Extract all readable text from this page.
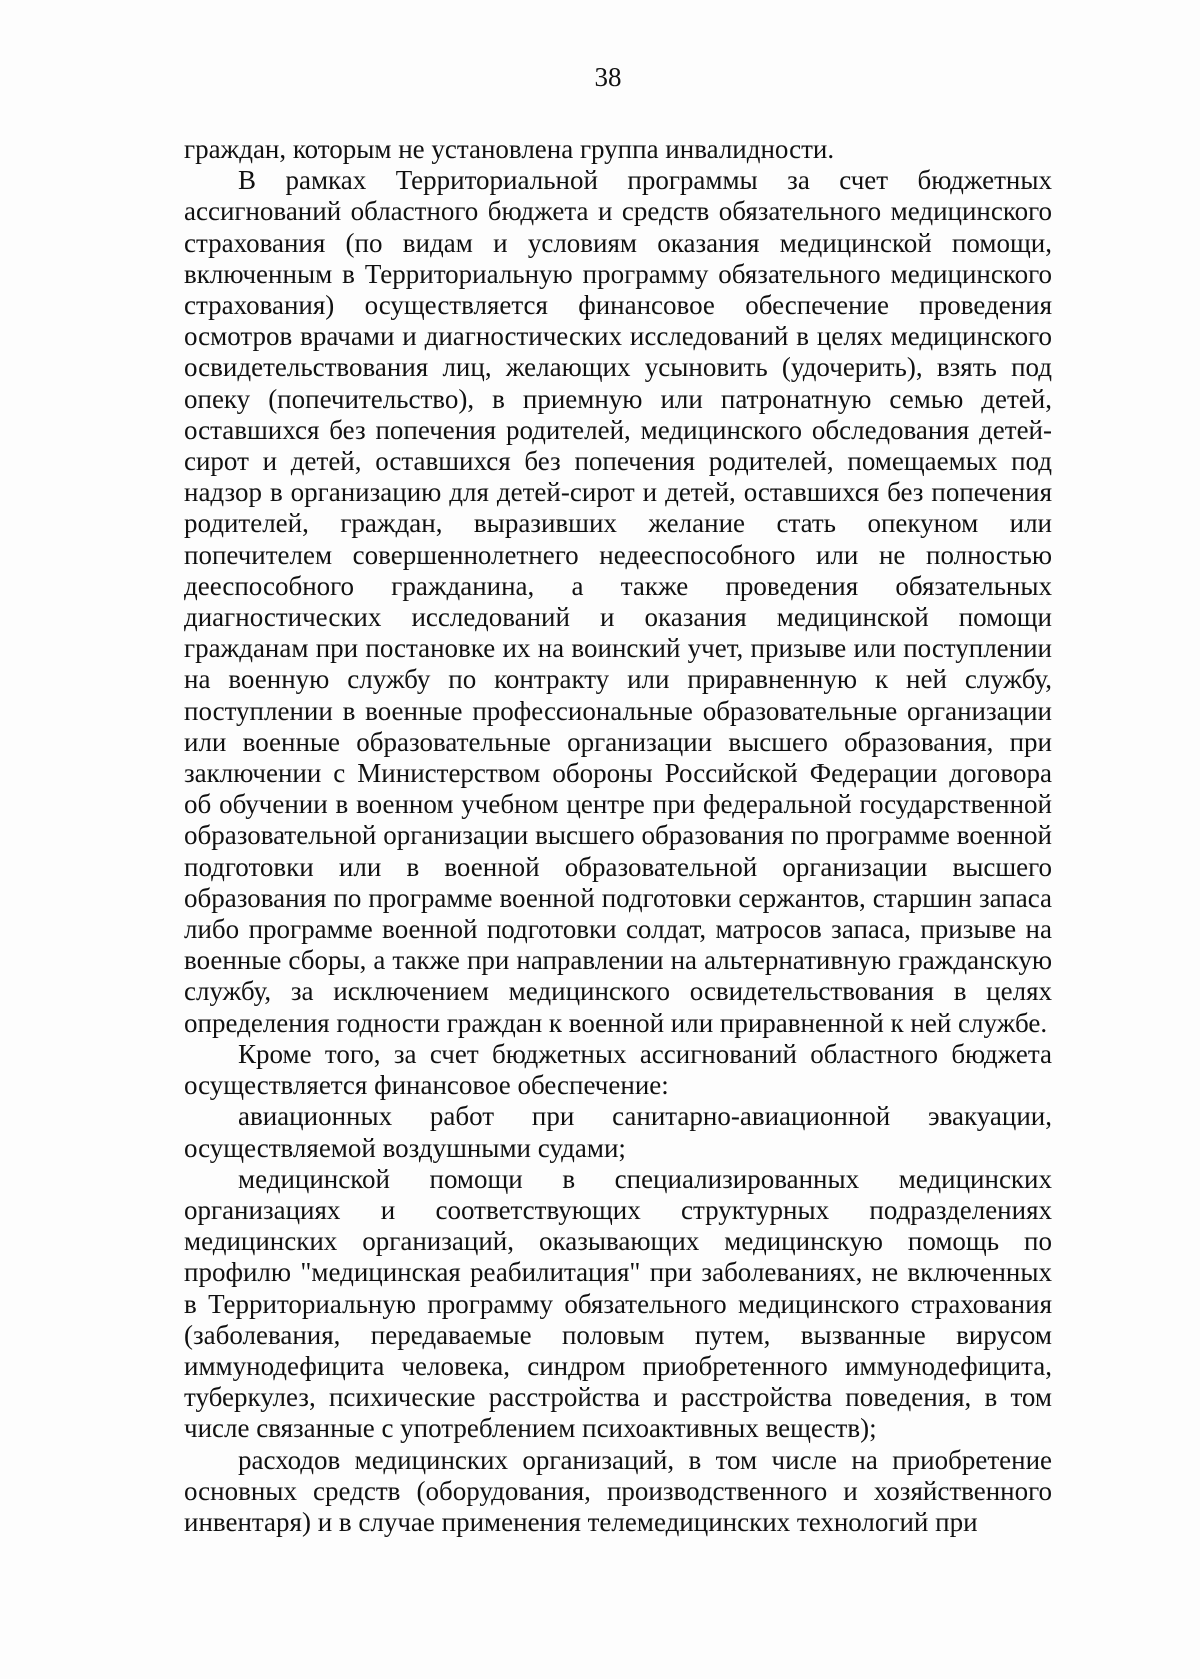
38

граждан, которым не установлена группа инвалидности.

В рамках Территориальной программы за счет бюджетных ассигнований областного бюджета и средств обязательного медицинского страхования (по видам и условиям оказания медицинской помощи, включенным в Территориальную программу обязательного медицинского страхования) осуществляется финансовое обеспечение проведения осмотров врачами и диагностических исследований в целях медицинского освидетельствования лиц, желающих усыновить (удочерить), взять под опеку (попечительство), в приемную или патронатную семью детей, оставшихся без попечения родителей, медицинского обследования детей-сирот и детей, оставшихся без попечения родителей, помещаемых под надзор в организацию для детей-сирот и детей, оставшихся без попечения родителей, граждан, выразивших желание стать опекуном или попечителем совершеннолетнего недееспособного или не полностью дееспособного гражданина, а также проведения обязательных диагностических исследований и оказания медицинской помощи гражданам при постановке их на воинский учет, призыве или поступлении на военную службу по контракту или приравненную к ней службу, поступлении в военные профессиональные образовательные организации или военные образовательные организации высшего образования, при заключении с Министерством обороны Российской Федерации договора об обучении в военном учебном центре при федеральной государственной образовательной организации высшего образования по программе военной подготовки или в военной образовательной организации высшего образования по программе военной подготовки сержантов, старшин запаса либо программе военной подготовки солдат, матросов запаса, призыве на военные сборы, а также при направлении на альтернативную гражданскую службу, за исключением медицинского освидетельствования в целях определения годности граждан к военной или приравненной к ней службе.

Кроме того, за счет бюджетных ассигнований областного бюджета осуществляется финансовое обеспечение:

авиационных работ при санитарно-авиационной эвакуации, осуществляемой воздушными судами;

медицинской помощи в специализированных медицинских организациях и соответствующих структурных подразделениях медицинских организаций, оказывающих медицинскую помощь по профилю "медицинская реабилитация" при заболеваниях, не включенных в Территориальную программу обязательного медицинского страхования (заболевания, передаваемые половым путем, вызванные вирусом иммунодефицита человека, синдром приобретенного иммунодефицита, туберкулез, психические расстройства и расстройства поведения, в том числе связанные с употреблением психоактивных веществ);

расходов медицинских организаций, в том числе на приобретение основных средств (оборудования, производственного и хозяйственного инвентаря) и в случае применения телемедицинских технологий при
